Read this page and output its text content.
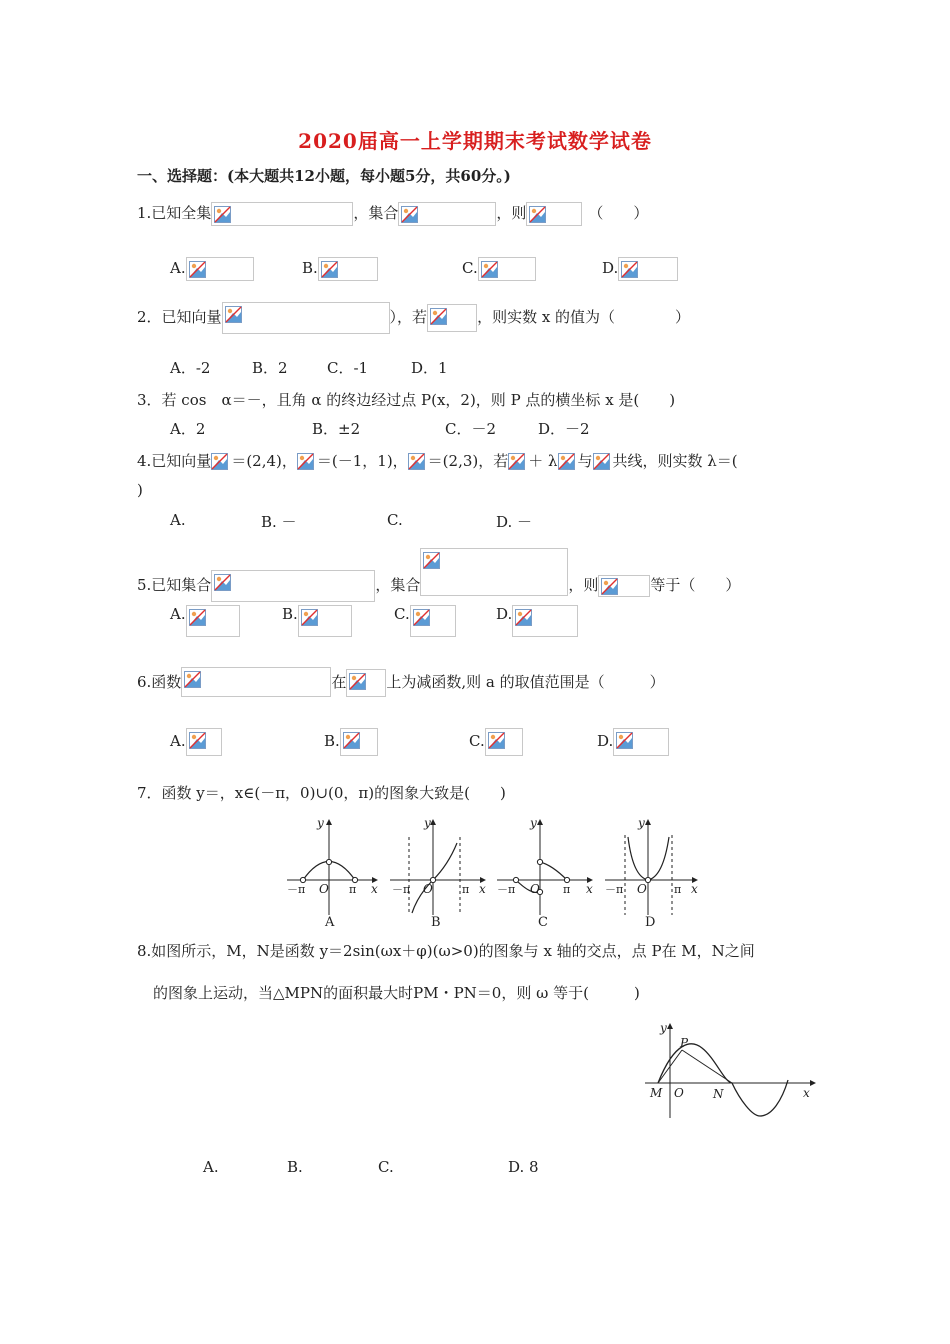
2020届高一上学期期末考试数学试卷
一、选择题：(本大题共12小题，每小题5分，共60分。)
1.已知全集	，集合	，则	（　　）
A.	B.	C.	D.
2．已知向量	），若	，则实数 x 的值为（　　　　）
A．-2	B．2	C．-1	D．1
3．若 cos　α＝－，且角 α 的终边经过点 P(x，2)，则 P 点的横坐标 x 是(　　)
A．2	B．±2	C．－2	D．－2
4.已知向量 ＝(2,4)， ＝(－1，1)， ＝(2,3)，若 ＋ λ 与 共线，则实数 λ＝(
)
A.	B. －	C.	D. －
5.已知集合	，集合	，则	等于（　　）
A.	B.	C.	D.
6.函数	在	上为减函数,则 a 的取值范围是（　　　）
A.	B.	C.	D.
7．函数 y＝，x∈(－π，0)∪(0，π)的图象大致是(　　)
y
x
O
y
x
O
y
x
O
y
x
O
－π	π	－π	π	－π	π	－π	π
A	B	C	D
8.如图所示，M，N是函数 y＝2sin(ωx＋φ)(ω>0)的图象与 x 轴的交点，点 P在 M，N之间
的图象上运动，当△MPN的面积最大时PM・PN＝0，则 ω 等于(　　　)
y
P
M O N	x
A.	B.	C.	D. 8
